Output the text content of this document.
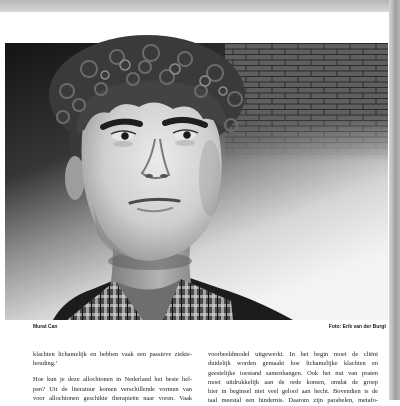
Murat Can	Foto: Erik van der Burgt
klachten lichamelijk en hebben vaak een passieve ziekte-
houding.’
Hoe kun je deze allochtonen in Nederland het beste hel-
pen? Uit de literatuur komen verschillende vormen van
voor allochtonen geschikte therapieën naar voren. Vaak
voorbeeldmodel uitgewerkt. In het begin moet de cliënt
duidelijk worden gemaakt hoe lichamelijke klachten en
geestelijke toestand samenhangen. Ook het nut van praten
moet uitdrukkelijk aan de orde komen, omdat de groep
hier in beginsel niet veel geloof aan hecht. Bovendien is de
taal meestal een hindernis. Daarom zijn parabelen, metafo-
